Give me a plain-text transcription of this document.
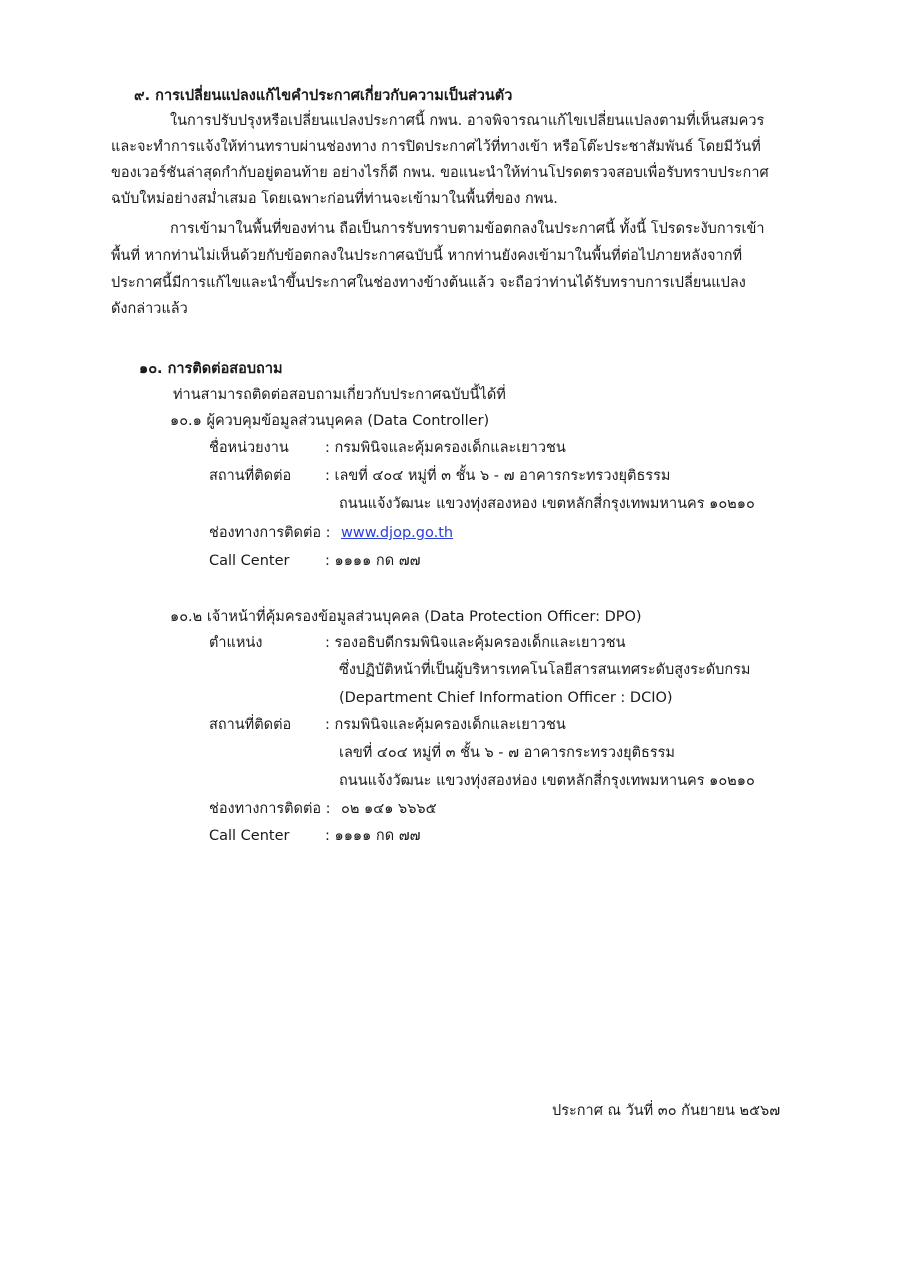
๙. การเปลี่ยนแปลงแก้ไขคำประกาศเกี่ยวกับความเป็นส่วนตัว
ในการปรับปรุงหรือเปลี่ยนแปลงประกาศนี้ กพน. อาจพิจารณาแก้ไขเปลี่ยนแปลงตามที่เห็นสมควร
และจะทำการแจ้งให้ท่านทราบผ่านช่องทาง การปิดประกาศไว้ที่ทางเข้า หรือโต๊ะประชาสัมพันธ์ โดยมีวันที่
ของเวอร์ชันล่าสุดกำกับอยู่ตอนท้าย อย่างไรก็ดี กพน. ขอแนะนำให้ท่านโปรดตรวจสอบเพื่อรับทราบประกาศ
ฉบับใหม่อย่างสม่ำเสมอ โดยเฉพาะก่อนที่ท่านจะเข้ามาในพื้นที่ของ กพน.
การเข้ามาในพื้นที่ของท่าน ถือเป็นการรับทราบตามข้อตกลงในประกาศนี้ ทั้งนี้ โปรดระงับการเข้า
พื้นที่ หากท่านไม่เห็นด้วยกับข้อตกลงในประกาศฉบับนี้ หากท่านยังคงเข้ามาในพื้นที่ต่อไปภายหลังจากที่
ประกาศนี้มีการแก้ไขและนำขึ้นประกาศในช่องทางข้างต้นแล้ว จะถือว่าท่านได้รับทราบการเปลี่ยนแปลง
ดังกล่าวแล้ว
๑๐. การติดต่อสอบถาม
ท่านสามารถติดต่อสอบถามเกี่ยวกับประกาศฉบับนี้ได้ที่
๑๐.๑ ผู้ควบคุมข้อมูลส่วนบุคคล (Data Controller)
ชื่อหน่วยงาน : กรมพินิจและคุ้มครองเด็กและเยาวชน
สถานที่ติดต่อ : เลขที่ ๔๐๔ หมู่ที่ ๓ ชั้น ๖ - ๗ อาคารกระทรวงยุติธรรม
ถนนแจ้งวัฒนะ แขวงทุ่งสองหอง เขตหลักสี่กรุงเทพมหานคร ๑๐๒๑๐
ช่องทางการติดต่อ : www.djop.go.th
Call Center : ๑๑๑๑ กด ๗๗
๑๐.๒ เจ้าหน้าที่คุ้มครองข้อมูลส่วนบุคคล (Data Protection Officer: DPO)
ตำแหน่ง	: รองอธิบดีกรมพินิจและคุ้มครองเด็กและเยาวชน
ซึ่งปฏิบัติหน้าที่เป็นผู้บริหารเทคโนโลยีสารสนเทศระดับสูงระดับกรม
(Department Chief Information Officer : DCIO)
สถานที่ติดต่อ : กรมพินิจและคุ้มครองเด็กและเยาวชน
เลขที่ ๔๐๔ หมู่ที่ ๓ ชั้น ๖ - ๗ อาคารกระทรวงยุติธรรม
ถนนแจ้งวัฒนะ แขวงทุ่งสองห่อง เขตหลักสี่กรุงเทพมหานคร ๑๐๒๑๐
ช่องทางการติดต่อ : ๐๒ ๑๔๑ ๖๖๖๕
Call Center : ๑๑๑๑ กด ๗๗
ประกาศ ณ วันที่ ๓๐ กันยายน ๒๕๖๗
